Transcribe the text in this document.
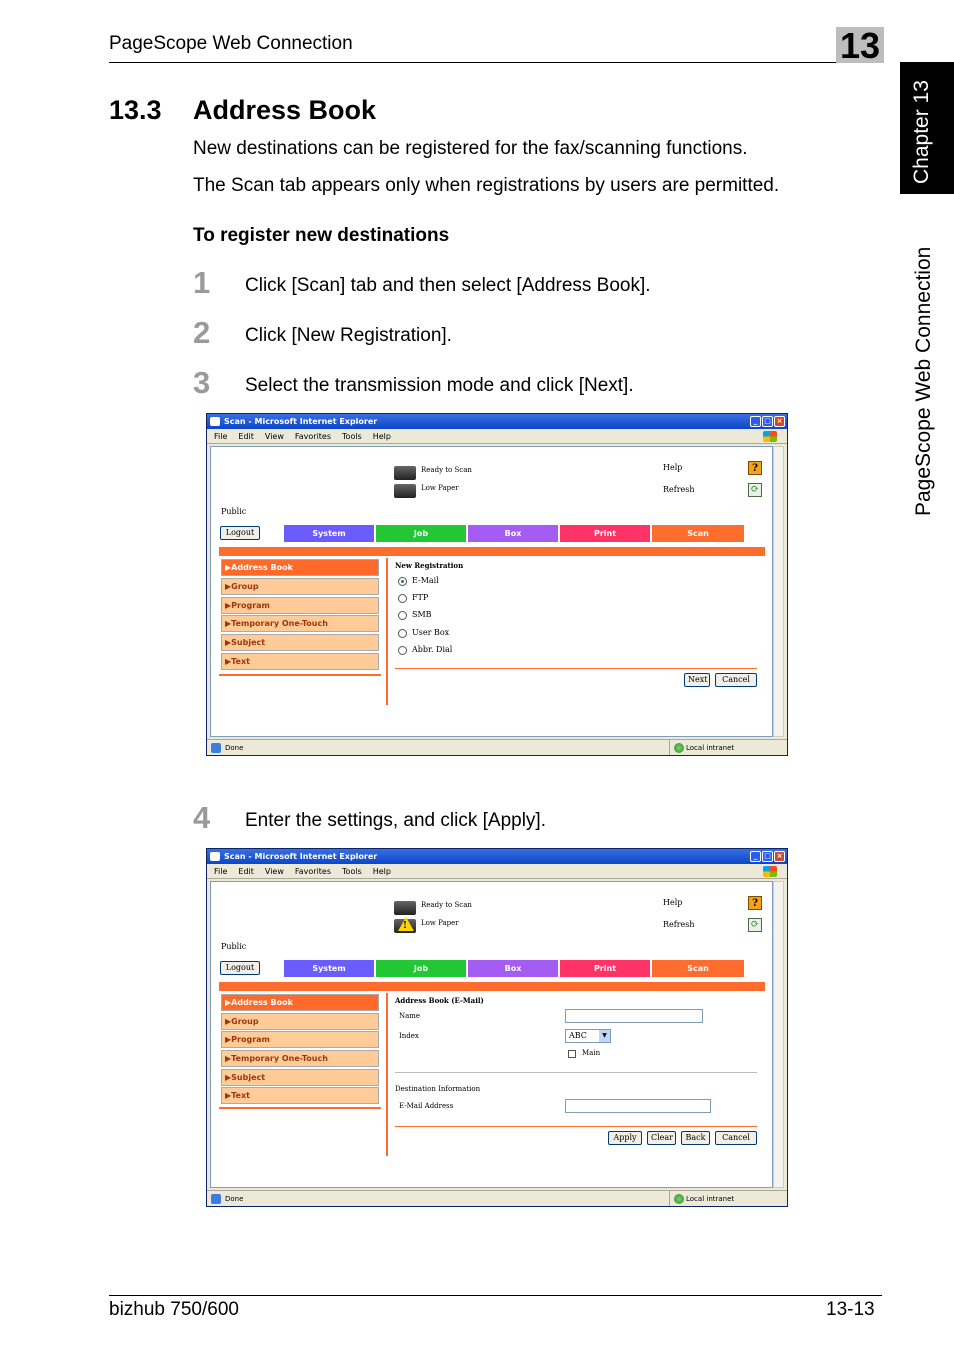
PageScope Web Connection	13
Chapter 13
PageScope Web Connection
13.3 Address Book
New destinations can be registered for the fax/scanning functions.
The Scan tab appears only when registrations by users are permitted.
To register new destinations
1 Click [Scan] tab and then select [Address Book].
2 Click [New Registration].
3 Select the transmission mode and click [Next].
Scan - Microsoft Internet Explorer	_ □ ×
File Edit View Favorites Tools Help
Ready to Scan
Low Paper
Help	?
Refresh	⟳
Public
Logout	System	Job	Box	Print	Scan
▶Address Book
▶Group
▶Program
▶Temporary One-Touch
▶Subject
▶Text
New Registration
E-Mail
FTP
SMB
User Box
Abbr. Dial
Next	Cancel
Done	Local intranet
4 Enter the settings, and click [Apply].
Scan - Microsoft Internet Explorer	_ □ ×
File Edit View Favorites Tools Help
Ready to Scan
!
Low Paper
Help	?
Refresh	⟳
Public
Logout	System	Job	Box	Print	Scan
▶Address Book
▶Group
▶Program
▶Temporary One-Touch
▶Subject
▶Text
Address Book (E-Mail)
Name
Index	ABC	▼
Main
Destination Information
E-Mail Address
Apply	Clear	Back	Cancel
Done	Local intranet
bizhub 750/600	13-13
